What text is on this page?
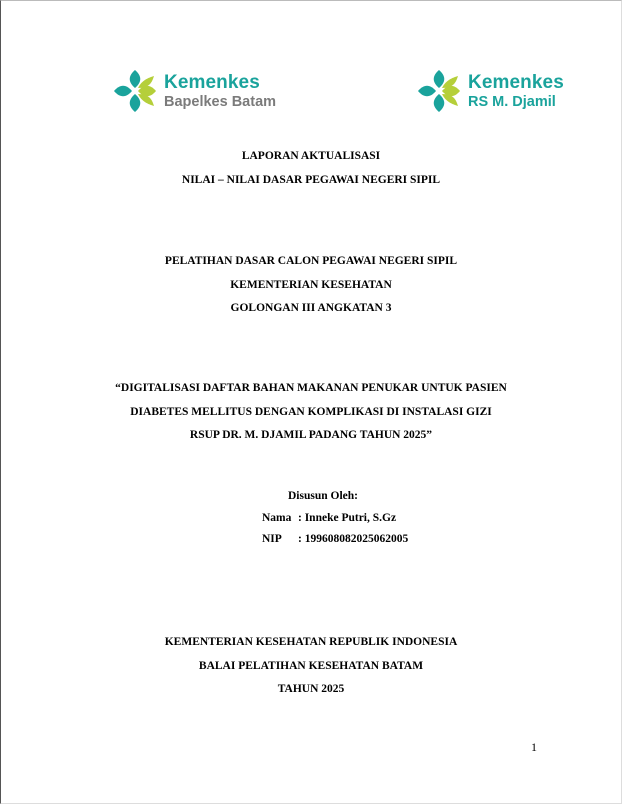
Kemenkes
Bapelkes Batam
Kemenkes
RS M. Djamil

LAPORAN AKTUALISASI

NILAI – NILAI DASAR PEGAWAI NEGERI SIPIL

PELATIHAN DASAR CALON PEGAWAI NEGERI SIPIL

KEMENTERIAN KESEHATAN

GOLONGAN III ANGKATAN 3

“DIGITALISASI DAFTAR BAHAN MAKANAN PENUKAR UNTUK PASIEN

DIABETES MELLITUS DENGAN KOMPLIKASI DI INSTALASI GIZI

RSUP DR. M. DJAMIL PADANG TAHUN 2025”

Disusun Oleh:
Nama : Inneke Putri, S.Gz
NIP	: 199608082025062005

KEMENTERIAN KESEHATAN REPUBLIK INDONESIA

BALAI PELATIHAN KESEHATAN BATAM

TAHUN 2025

1
